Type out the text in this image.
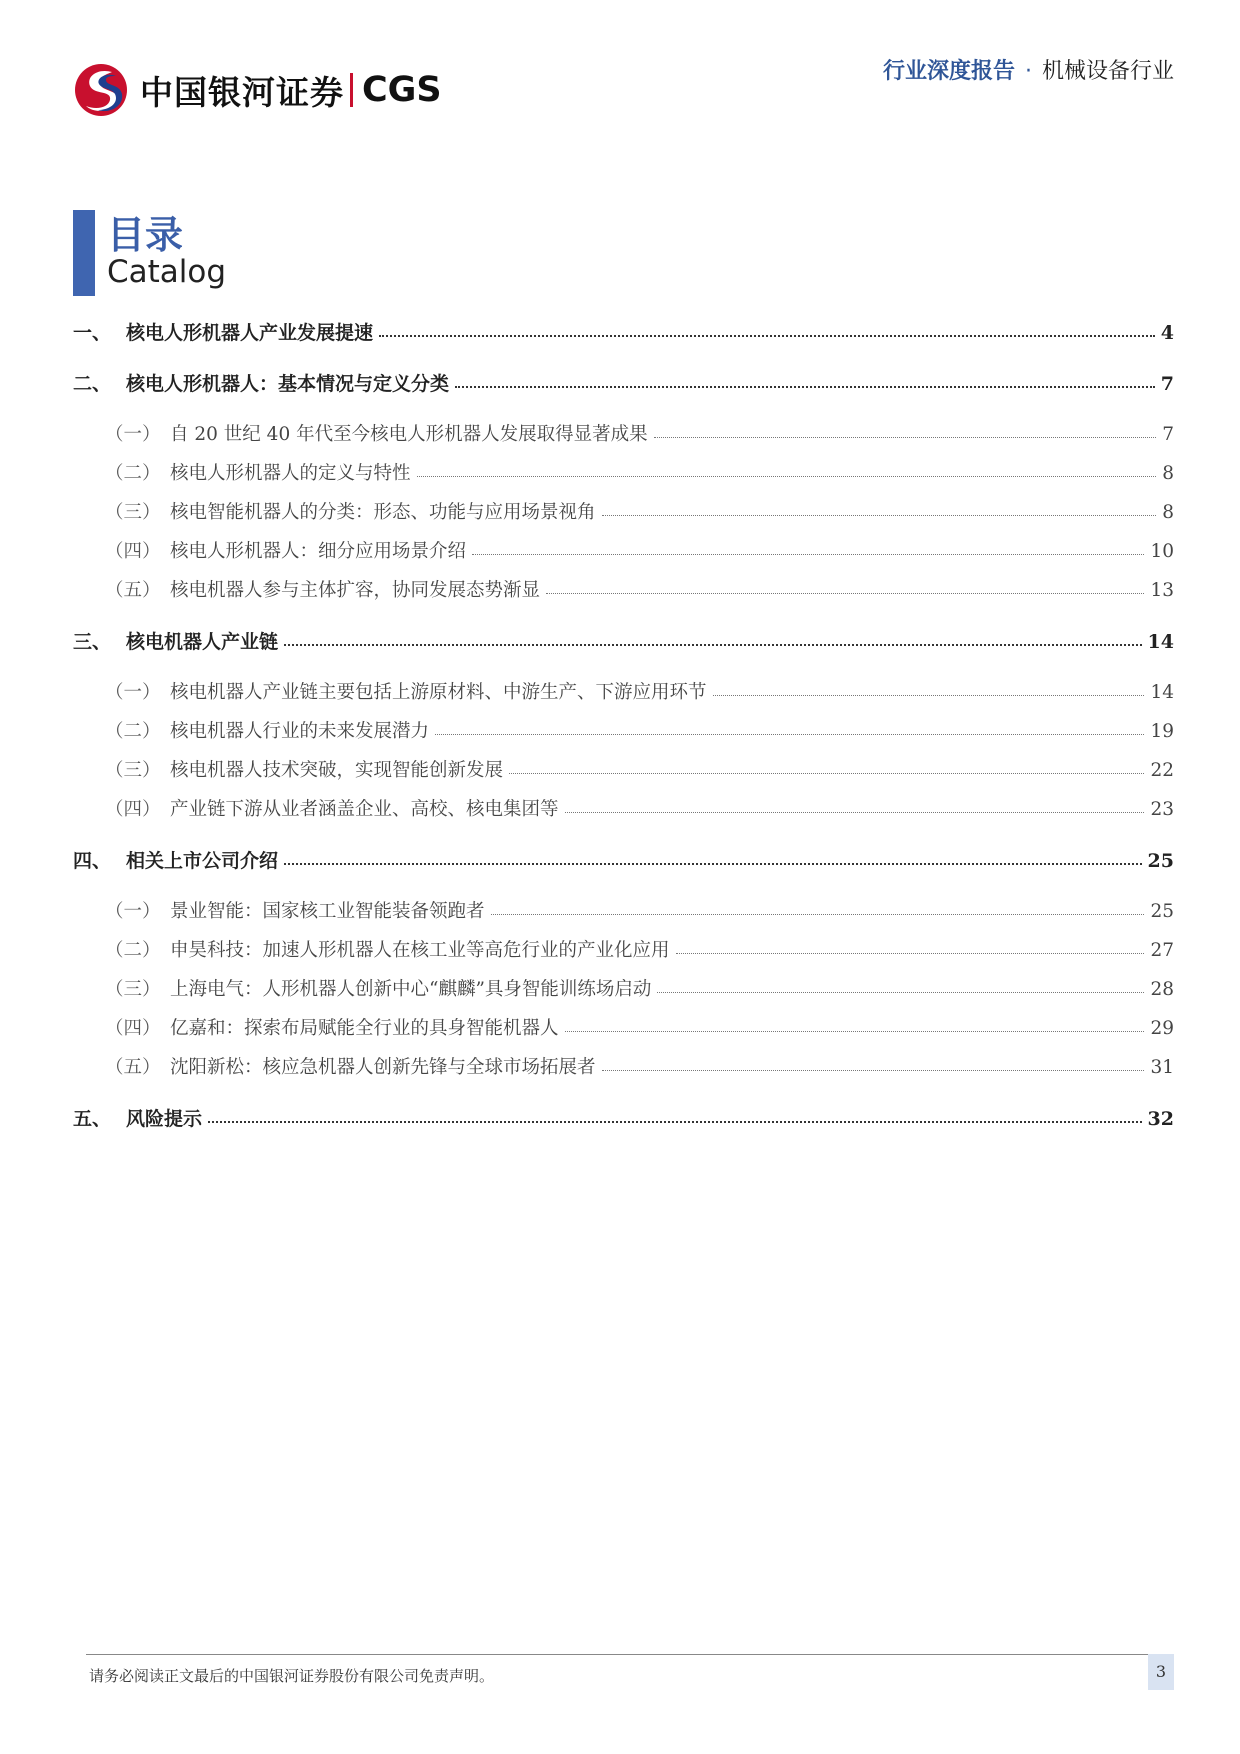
中国银河证券 CGS	行业深度报告 · 机械设备行业
目录
Catalog
一、 核电人形机器人产业发展提速	4
二、 核电人形机器人：基本情况与定义分类	7
（一） 自 20 世纪 40 年代至今核电人形机器人发展取得显著成果	7
（二） 核电人形机器人的定义与特性	8
（三） 核电智能机器人的分类：形态、功能与应用场景视角	8
（四） 核电人形机器人：细分应用场景介绍	10
（五） 核电机器人参与主体扩容，协同发展态势渐显	13
三、 核电机器人产业链	14
（一） 核电机器人产业链主要包括上游原材料、中游生产、下游应用环节	14
（二） 核电机器人行业的未来发展潜力	19
（三） 核电机器人技术突破，实现智能创新发展	22
（四） 产业链下游从业者涵盖企业、高校、核电集团等	23
四、 相关上市公司介绍	25
（一） 景业智能：国家核工业智能装备领跑者	25
（二） 申昊科技：加速人形机器人在核工业等高危行业的产业化应用	27
（三） 上海电气：人形机器人创新中心“麒麟”具身智能训练场启动	28
（四） 亿嘉和：探索布局赋能全行业的具身智能机器人	29
（五） 沈阳新松：核应急机器人创新先锋与全球市场拓展者	31
五、 风险提示	32
请务必阅读正文最后的中国银河证券股份有限公司免责声明。	3
